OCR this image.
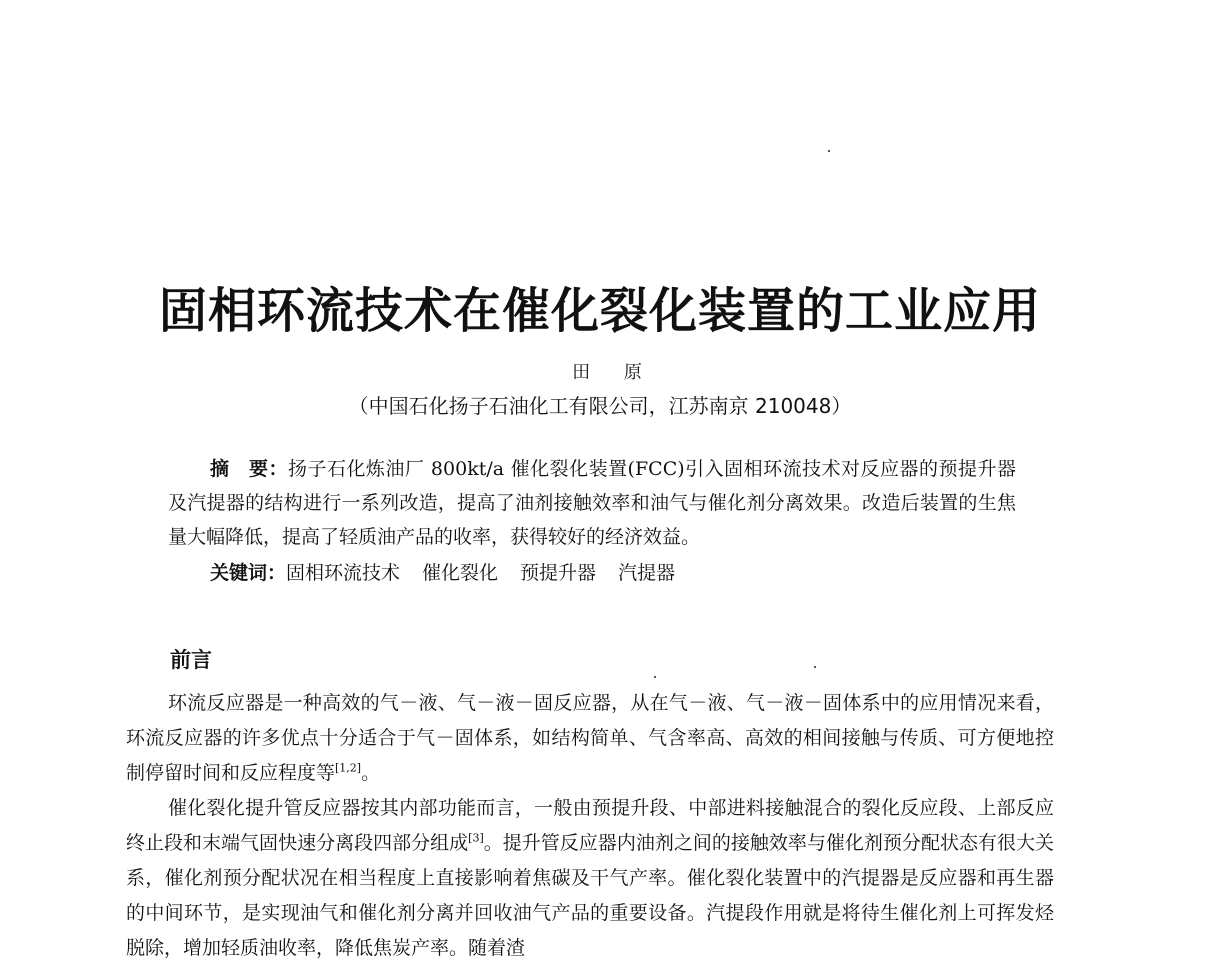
固相环流技术在催化裂化装置的工业应用
田 原
（中国石化扬子石油化工有限公司，江苏南京 210048）

摘　要：扬子石化炼油厂 800kt/a 催化裂化装置(FCC)引入固相环流技术对反应器的预提升器及汽提器的结构进行一系列改造，提高了油剂接触效率和油气与催化剂分离效果。改造后装置的生焦量大幅降低，提高了轻质油产品的收率，获得较好的经济效益。

关键词：固相环流技术 催化裂化 预提升器 汽提器

前言

环流反应器是一种高效的气－液、气－液－固反应器，从在气－液、气－液－固体系中的应用情况来看，环流反应器的许多优点十分适合于气－固体系，如结构简单、气含率高、高效的相间接触与传质、可方便地控制停留时间和反应程度等[1,2]。

催化裂化提升管反应器按其内部功能而言，一般由预提升段、中部进料接触混合的裂化反应段、上部反应终止段和末端气固快速分离段四部分组成[3]。提升管反应器内油剂之间的接触效率与催化剂预分配状态有很大关系，催化剂预分配状况在相当程度上直接影响着焦碳及干气产率。催化裂化装置中的汽提器是反应器和再生器的中间环节，是实现油气和催化剂分离并回收油气产品的重要设备。汽提段作用就是将待生催化剂上可挥发烃脱除，增加轻质油收率，降低焦炭产率。随着渣
